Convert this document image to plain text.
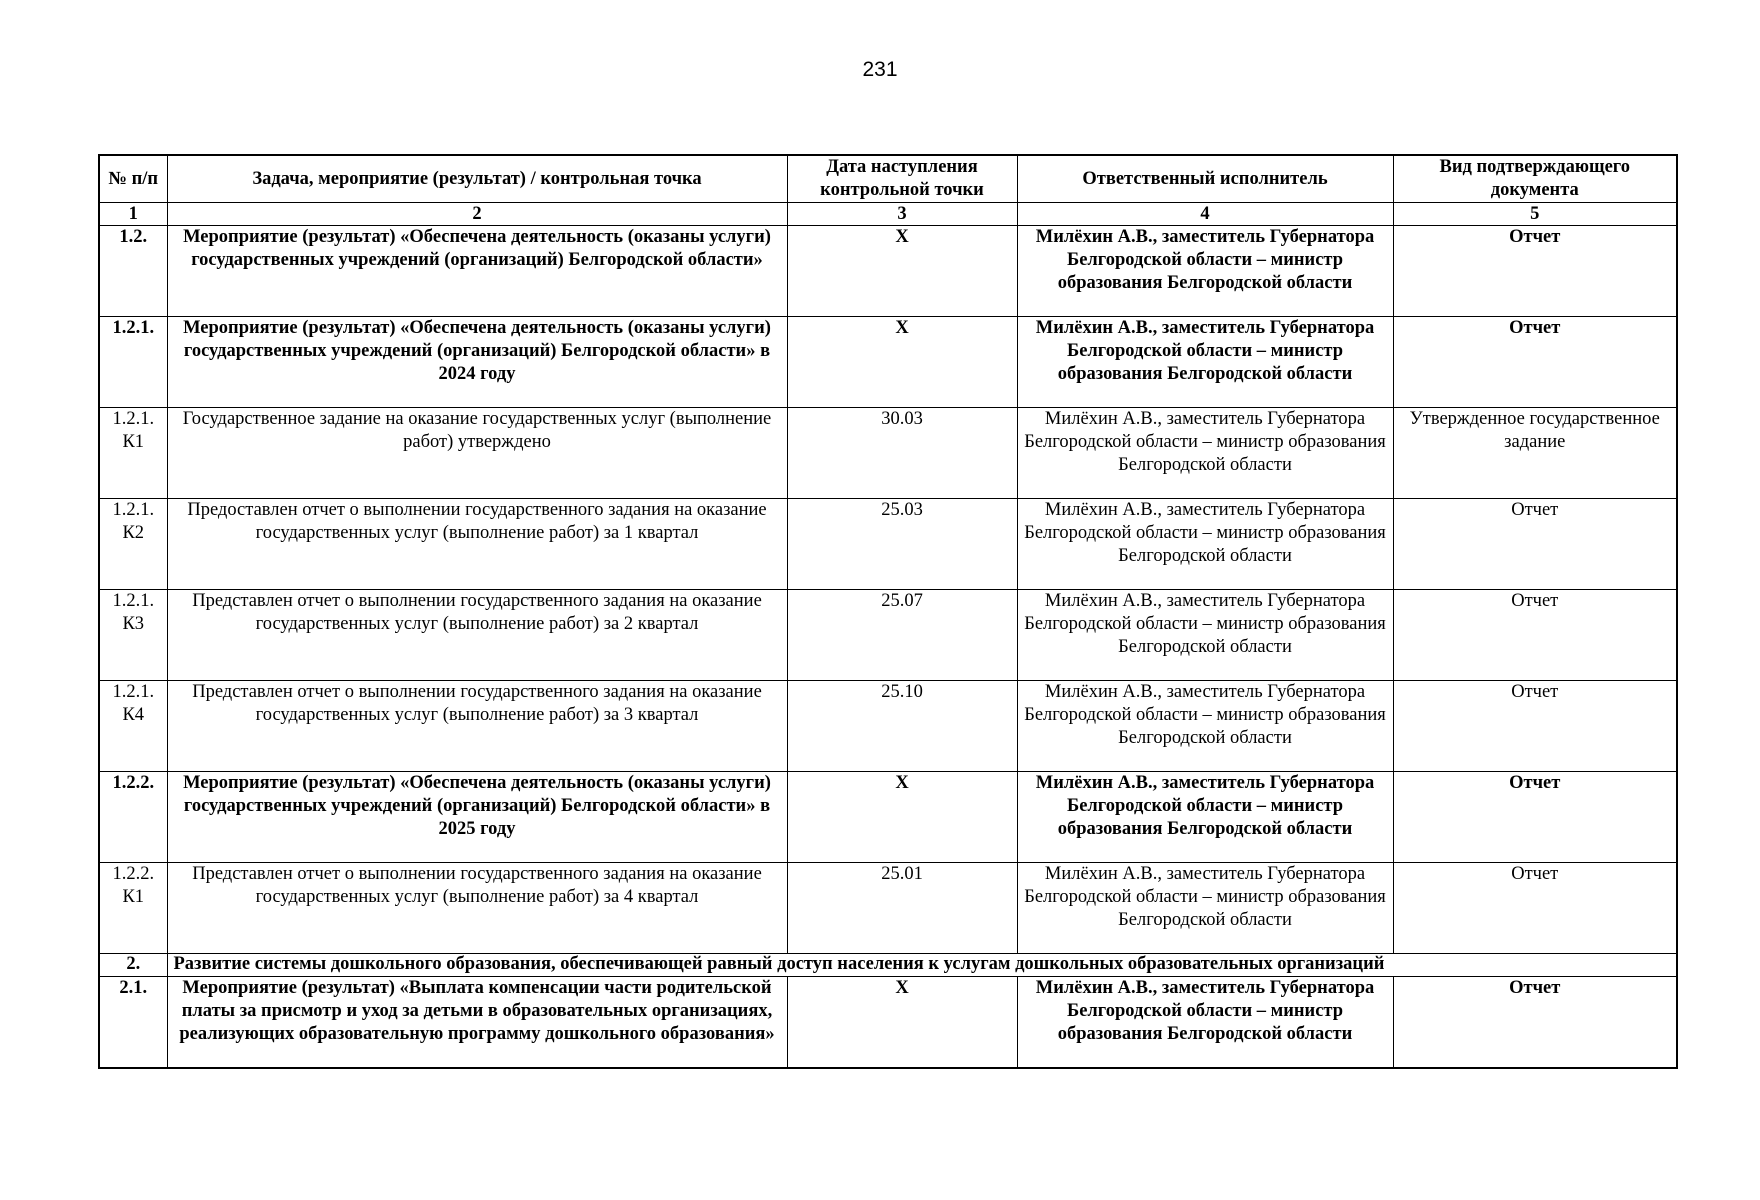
231
№ п/п	Задача, мероприятие (результат) / контрольная точка	Дата наступления контрольной точки	Ответственный исполнитель	Вид подтверждающего документа
1	2	3	4	5
1.2.	Мероприятие (результат) «Обеспечена деятельность (оказаны услуги) государственных учреждений (организаций) Белгородской области»	X	Милёхин А.В., заместитель Губернатора Белгородской области – министр образования Белгородской области	Отчет
1.2.1.	Мероприятие (результат) «Обеспечена деятельность (оказаны услуги) государственных учреждений (организаций) Белгородской области» в 2024 году	X	Милёхин А.В., заместитель Губернатора Белгородской области – министр образования Белгородской области	Отчет
1.2.1. К1	Государственное задание на оказание государственных услуг (выполнение работ) утверждено	30.03	Милёхин А.В., заместитель Губернатора Белгородской области – министр образования Белгородской области	Утвержденное государственное задание
1.2.1. К2	Предоставлен отчет о выполнении государственного задания на оказание государственных услуг (выполнение работ) за 1 квартал	25.03	Милёхин А.В., заместитель Губернатора Белгородской области – министр образования Белгородской области	Отчет
1.2.1. К3	Представлен отчет о выполнении государственного задания на оказание государственных услуг (выполнение работ) за 2 квартал	25.07	Милёхин А.В., заместитель Губернатора Белгородской области – министр образования Белгородской области	Отчет
1.2.1. К4	Представлен отчет о выполнении государственного задания на оказание государственных услуг (выполнение работ) за 3 квартал	25.10	Милёхин А.В., заместитель Губернатора Белгородской области – министр образования Белгородской области	Отчет
1.2.2.	Мероприятие (результат) «Обеспечена деятельность (оказаны услуги) государственных учреждений (организаций) Белгородской области» в 2025 году	X	Милёхин А.В., заместитель Губернатора Белгородской области – министр образования Белгородской области	Отчет
1.2.2. К1	Представлен отчет о выполнении государственного задания на оказание государственных услуг (выполнение работ) за 4 квартал	25.01	Милёхин А.В., заместитель Губернатора Белгородской области – министр образования Белгородской области	Отчет
2.	Развитие системы дошкольного образования, обеспечивающей равный доступ населения к услугам дошкольных образовательных организаций			
2.1.	Мероприятие (результат) «Выплата компенсации части родительской платы за присмотр и уход за детьми в образовательных организациях, реализующих образовательную программу дошкольного образования»	X	Милёхин А.В., заместитель Губернатора Белгородской области – министр образования Белгородской области	Отчет
